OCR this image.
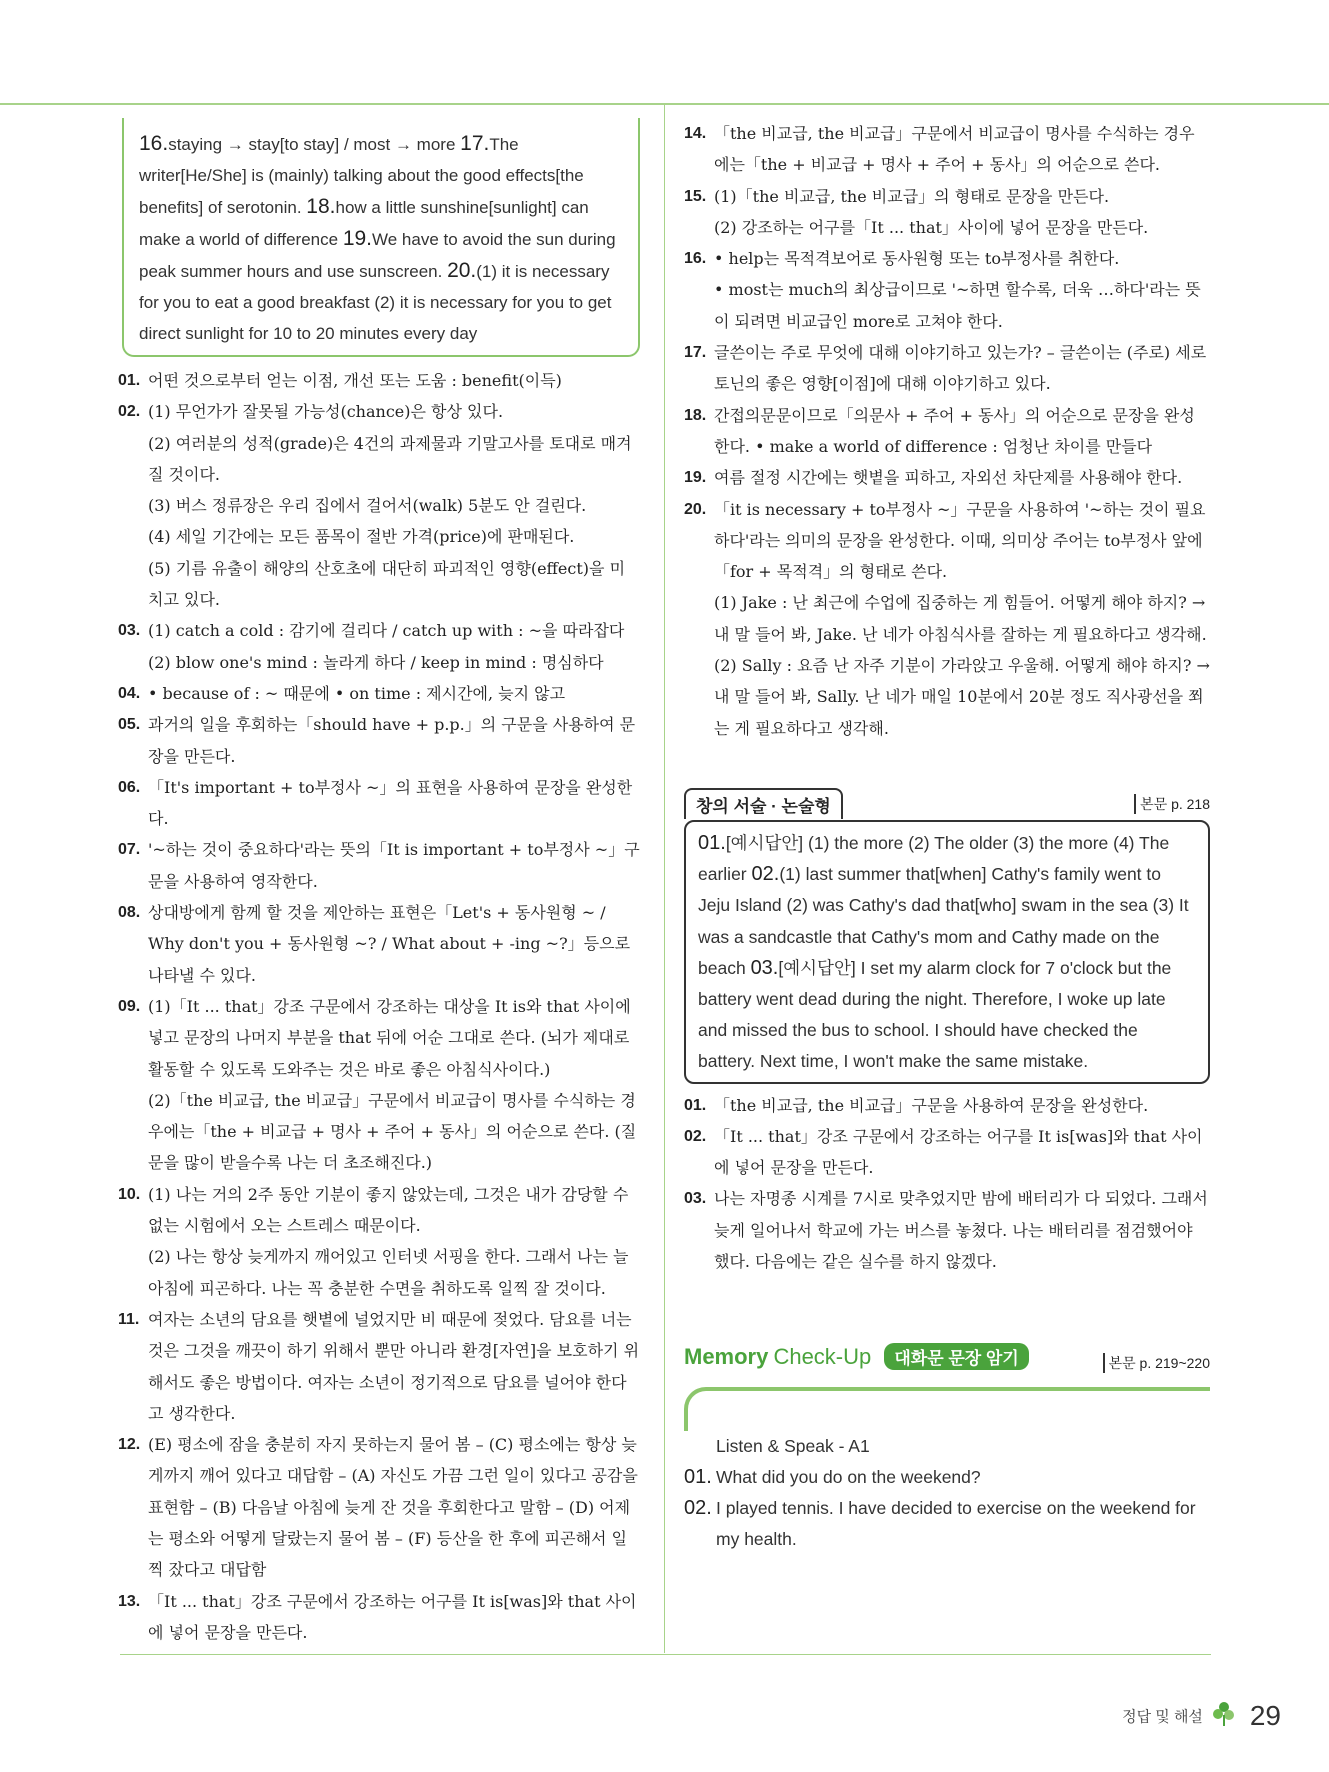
16.staying → stay[to stay] / most → more 17.The writer[He/She] is (mainly) talking about the good effects[the benefits] of serotonin. 18.how a little sunshine[sunlight] can make a world of difference 19.We have to avoid the sun during peak summer hours and use sunscreen. 20.(1) it is necessary for you to eat a good breakfast (2) it is necessary for you to get direct sunlight for 10 to 20 minutes every day
01. 어떤 것으로부터 얻는 이점, 개선 또는 도움 : benefit(이득)
02. (1) 무언가가 잘못될 가능성(chance)은 항상 있다.
(2) 여러분의 성적(grade)은 4건의 과제물과 기말고사를 토대로 매겨질 것이다.
(3) 버스 정류장은 우리 집에서 걸어서(walk) 5분도 안 걸린다.
(4) 세일 기간에는 모든 품목이 절반 가격(price)에 판매된다.
(5) 기름 유출이 해양의 산호초에 대단히 파괴적인 영향(effect)을 미치고 있다.
03. (1) catch a cold : 감기에 걸리다 / catch up with : ~을 따라잡다
(2) blow one's mind : 놀라게 하다 / keep in mind : 명심하다
04. • because of : ~ 때문에 • on time : 제시간에, 늦지 않고
05. 과거의 일을 후회하는「should have + p.p.」의 구문을 사용하여 문장을 만든다.
06. 「It's important + to부정사 ~」의 표현을 사용하여 문장을 완성한다.
07. '~하는 것이 중요하다'라는 뜻의「It is important + to부정사 ~」구문을 사용하여 영작한다.
08. 상대방에게 함께 할 것을 제안하는 표현은「Let's + 동사원형 ~ / Why don't you + 동사원형 ~? / What about + -ing ~?」등으로 나타낼 수 있다.
09. (1)「It ... that」강조 구문에서 강조하는 대상을 It is와 that 사이에 넣고 문장의 나머지 부분을 that 뒤에 어순 그대로 쓴다. (뇌가 제대로 활동할 수 있도록 도와주는 것은 바로 좋은 아침식사이다.)
(2)「the 비교급, the 비교급」구문에서 비교급이 명사를 수식하는 경우에는「the + 비교급 + 명사 + 주어 + 동사」의 어순으로 쓴다. (질문을 많이 받을수록 나는 더 초조해진다.)
10. (1) 나는 거의 2주 동안 기분이 좋지 않았는데, 그것은 내가 감당할 수 없는 시험에서 오는 스트레스 때문이다.
(2) 나는 항상 늦게까지 깨어있고 인터넷 서핑을 한다. 그래서 나는 늘 아침에 피곤하다. 나는 꼭 충분한 수면을 취하도록 일찍 잘 것이다.
11. 여자는 소년의 담요를 햇볕에 널었지만 비 때문에 젖었다. 담요를 너는 것은 그것을 깨끗이 하기 위해서 뿐만 아니라 환경[자연]을 보호하기 위해서도 좋은 방법이다. 여자는 소년이 정기적으로 담요를 널어야 한다고 생각한다.
12. (E) 평소에 잠을 충분히 자지 못하는지 물어 봄 – (C) 평소에는 항상 늦게까지 깨어 있다고 대답함 – (A) 자신도 가끔 그런 일이 있다고 공감을 표현함 – (B) 다음날 아침에 늦게 잔 것을 후회한다고 말함 – (D) 어제는 평소와 어떻게 달랐는지 물어 봄 – (F) 등산을 한 후에 피곤해서 일찍 잤다고 대답함
13. 「It ... that」강조 구문에서 강조하는 어구를 It is[was]와 that 사이에 넣어 문장을 만든다.
14. 「the 비교급, the 비교급」구문에서 비교급이 명사를 수식하는 경우에는「the + 비교급 + 명사 + 주어 + 동사」의 어순으로 쓴다.
15. (1)「the 비교급, the 비교급」의 형태로 문장을 만든다.
(2) 강조하는 어구를「It ... that」사이에 넣어 문장을 만든다.
16. • help는 목적격보어로 동사원형 또는 to부정사를 취한다.
• most는 much의 최상급이므로 '~하면 할수록, 더욱 …하다'라는 뜻이 되려면 비교급인 more로 고쳐야 한다.
17. 글쓴이는 주로 무엇에 대해 이야기하고 있는가? – 글쓴이는 (주로) 세로토닌의 좋은 영향[이점]에 대해 이야기하고 있다.
18. 간접의문문이므로「의문사 + 주어 + 동사」의 어순으로 문장을 완성한다. • make a world of difference : 엄청난 차이를 만들다
19. 여름 절정 시간에는 햇볕을 피하고, 자외선 차단제를 사용해야 한다.
20. 「it is necessary + to부정사 ~」구문을 사용하여 '~하는 것이 필요하다'라는 의미의 문장을 완성한다. 이때, 의미상 주어는 to부정사 앞에「for + 목적격」의 형태로 쓴다.
(1) Jake : 난 최근에 수업에 집중하는 게 힘들어. 어떻게 해야 하지? → 내 말 들어 봐, Jake. 난 네가 아침식사를 잘하는 게 필요하다고 생각해.
(2) Sally : 요즘 난 자주 기분이 가라앉고 우울해. 어떻게 해야 하지? → 내 말 들어 봐, Sally. 난 네가 매일 10분에서 20분 정도 직사광선을 쬐는 게 필요하다고 생각해.
창의 서술 · 논술형	본문 p. 218
01.[예시답안] (1) the more (2) The older (3) the more (4) The earlier 02.(1) last summer that[when] Cathy's family went to Jeju Island (2) was Cathy's dad that[who] swam in the sea (3) It was a sandcastle that Cathy's mom and Cathy made on the beach 03.[예시답안] I set my alarm clock for 7 o'clock but the battery went dead during the night. Therefore, I woke up late and missed the bus to school. I should have checked the battery. Next time, I won't make the same mistake.
01. 「the 비교급, the 비교급」구문을 사용하여 문장을 완성한다.
02. 「It ... that」강조 구문에서 강조하는 어구를 It is[was]와 that 사이에 넣어 문장을 만든다.
03. 나는 자명종 시계를 7시로 맞추었지만 밤에 배터리가 다 되었다. 그래서 늦게 일어나서 학교에 가는 버스를 놓쳤다. 나는 배터리를 점검했어야 했다. 다음에는 같은 실수를 하지 않겠다.
Memory Check-Up 대화문 문장 암기	본문 p. 219~220
Listen & Speak - A1
01. What did you do on the weekend?
02. I played tennis. I have decided to exercise on the weekend for my health.
정답 및 해설 29
